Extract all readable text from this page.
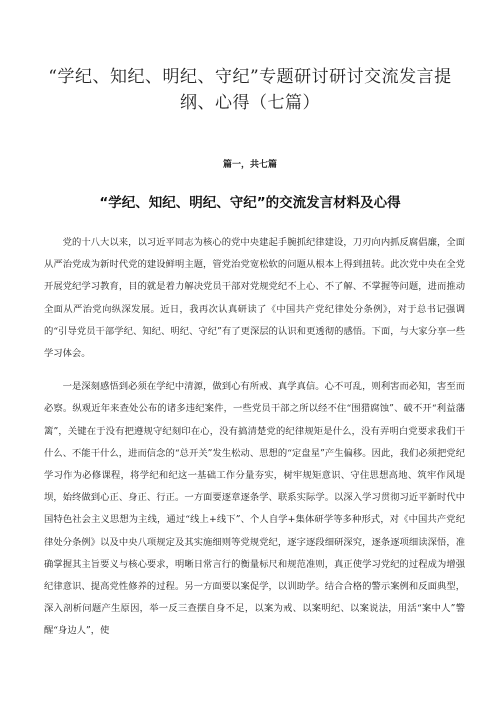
“学纪、知纪、明纪、守纪”专题研讨研讨交流发言提纲、心得（七篇）
篇一，共七篇
“学纪、知纪、明纪、守纪”的交流发言材料及心得

党的十八大以来，以习近平同志为核心的党中央建起手腕抓纪律建设，刀刃向内抓反腐倡廉，全面从严治党成为新时代党的建设鲜明主题，管党治党宽松软的问题从根本上得到扭转。此次党中央在全党开展党纪学习教育，目的就是着力解决党员干部对党规党纪不上心、不了解、不掌握等问题，进而推动全面从严治党向纵深发展。近日，我再次认真研读了《中国共产党纪律处分条例》，对于总书记强调的“引导党员干部学纪、知纪、明纪、守纪”有了更深层的认识和更透彻的感悟。下面，与大家分享一些学习体会。

一是深刻感悟到必须在学纪中清源，做到心有所戒、真学真信。心不可乱，则利害而必知，害至而必察。纵观近年来查处公布的诸多违纪案件，一些党员干部之所以经不住“围猎腐蚀”、破不开“利益藩篱”，关键在于没有把遵规守纪刻印在心，没有搞清楚党的纪律规矩是什么，没有弄明白党要求我们干什么、不能干什么，进而信念的“总开关”发生松动、思想的“定盘星”产生偏移。因此，我们必须把党纪学习作为必修课程，将学纪和纪这一基础工作分量夯实，树牢规矩意识、守住思想高地、筑牢作风堤坝，始终做到心正、身正、行正。一方面要逐章逐条学、联系实际学。以深入学习贯彻习近平新时代中国特色社会主义思想为主线，通过“线上+线下”、个人自学+集体研学等多种形式，对《中国共产党纪律处分条例》以及中央八项规定及其实施细则等党规党纪，逐字逐段细研深究，逐条逐项细读深悟，准确掌握其主旨要义与核心要求，明晰日常言行的衡量标尺和规范准则，真正使学习党纪的过程成为增强纪律意识、提高党性修养的过程。另一方面要以案促学，以训助学。结合合格的警示案例和反面典型，深入剖析问题产生原因，举一反三查摆自身不足，以案为戒、以案明纪、以案说法，用活“案中人”警醒“身边人”，使
